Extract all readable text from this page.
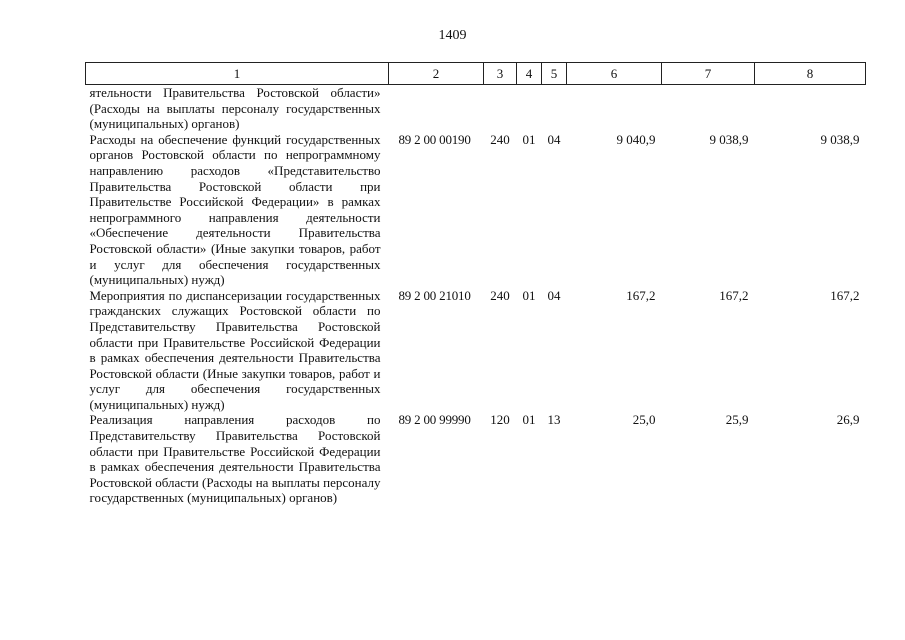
1409
1	2	3	4	5	6	7	8
ятельности Правительства Ростовской области» (Расходы на выплаты персоналу государственных (муниципальных) органов)							
Расходы на обеспечение функций государственных органов Ростовской области по непрограммному направлению расходов «Представительство Правительства Ростовской области при Правительстве Российской Федерации» в рамках непрограммного направления деятельности «Обеспечение деятельности Правительства Ростовской области» (Иные закупки товаров, работ и услуг для обеспечения государственных (муниципальных) нужд)	89 2 00 00190	240	01	04	9 040,9	9 038,9	9 038,9
Мероприятия по диспансеризации государственных гражданских служащих Ростовской области по Представительству Правительства Ростовской области при Правительстве Российской Федерации в рамках обеспечения деятельности Правительства Ростовской области (Иные закупки товаров, работ и услуг для обеспечения государственных (муниципальных) нужд)	89 2 00 21010	240	01	04	167,2	167,2	167,2
Реализация направления расходов по Представительству Правительства Ростовской области при Правительстве Российской Федерации в рамках обеспечения деятельности Правительства Ростовской области (Расходы на выплаты персоналу государственных (муниципальных) органов)	89 2 00 99990	120	01	13	25,0	25,9	26,9
